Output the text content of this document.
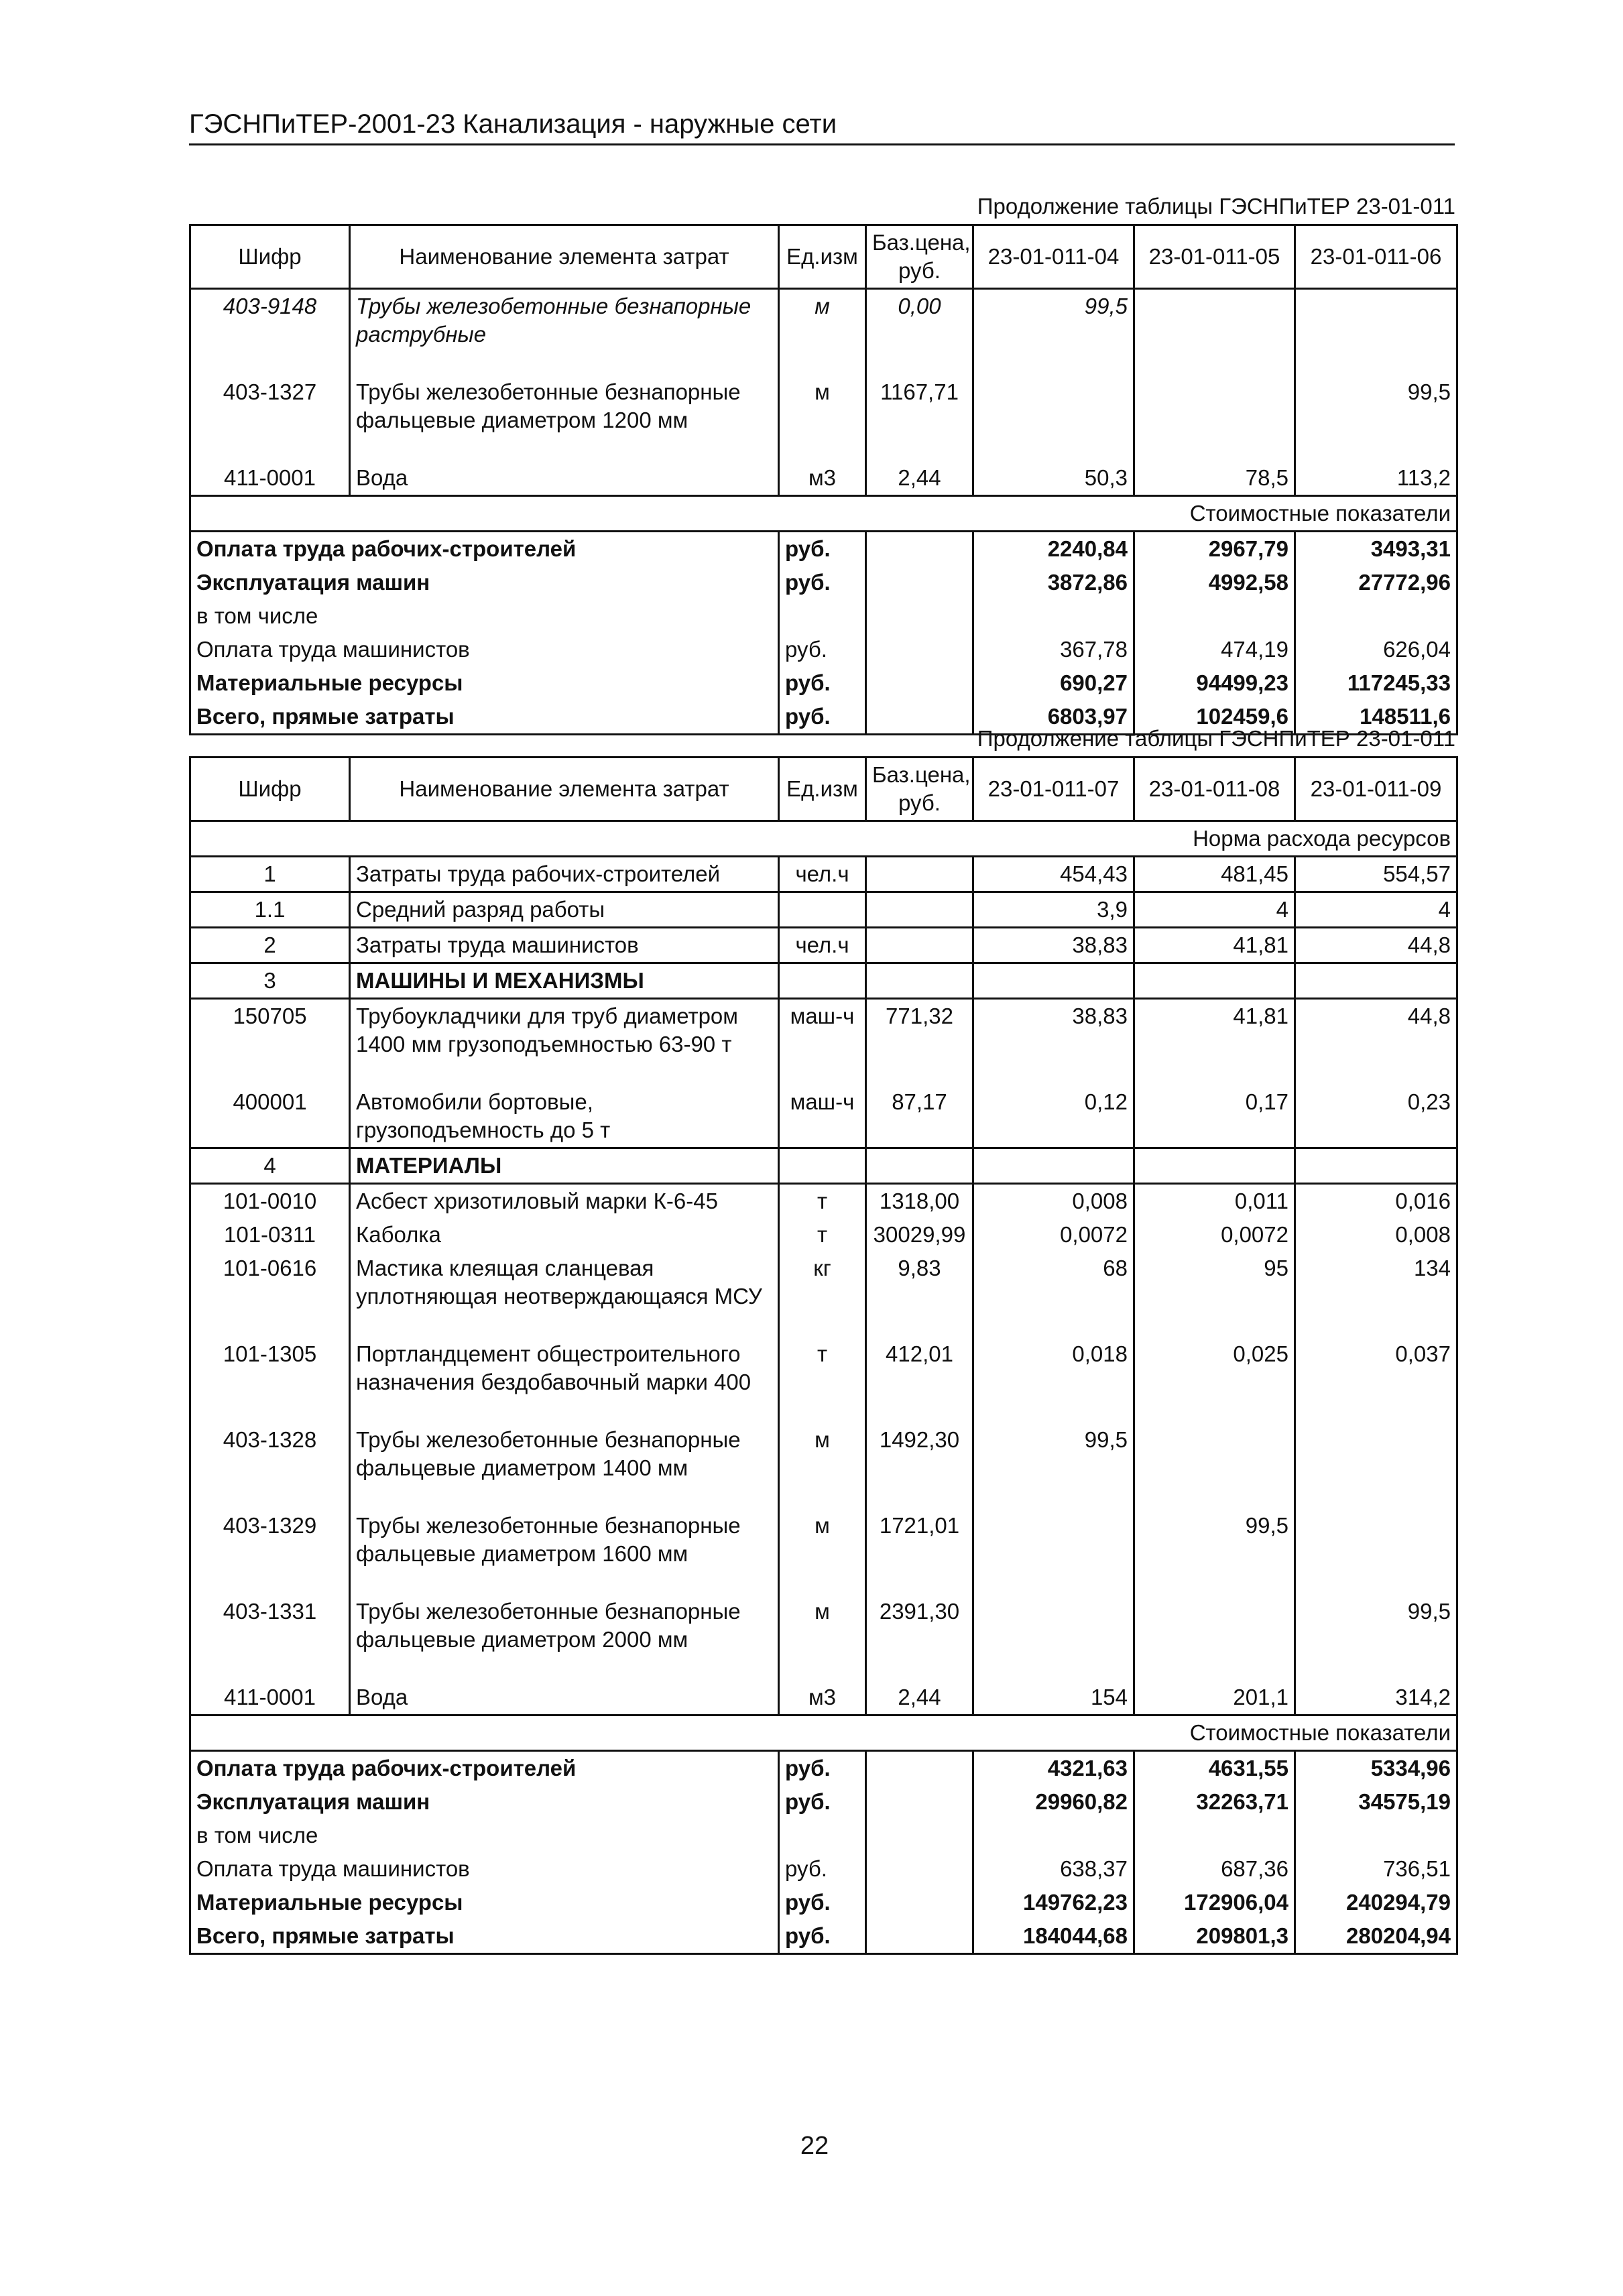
ГЭСНПиТЕР-2001-23 Канализация - наружные сети
Продолжение таблицы ГЭСНПиТЕР 23-01-011
Шифр	Наименование элемента затрат	Ед.изм	Баз.цена, руб.	23-01-011-04	23-01-011-05	23-01-011-06
403-9148	Трубы железобетонные безнапорные раструбные	м	0,00	99,5		
403-1327	Трубы железобетонные безнапорные фальцевые диаметром 1200 мм	м	1167,71			99,5
411-0001	Вода	м3	2,44	50,3	78,5	113,2
Стоимостные показатели						
Оплата труда рабочих-строителей		руб.		2240,84	2967,79	3493,31
Эксплуатация машин		руб.		3872,86	4992,58	27772,96
в том числе						
Оплата труда машинистов		руб.		367,78	474,19	626,04
Материальные ресурсы		руб.		690,27	94499,23	117245,33
Всего, прямые затраты		руб.		6803,97	102459,6	148511,6
Продолжение таблицы ГЭСНПиТЕР 23-01-011
Шифр	Наименование элемента затрат	Ед.изм	Баз.цена, руб.	23-01-011-07	23-01-011-08	23-01-011-09
Норма расхода ресурсов						
1	Затраты труда рабочих-строителей	чел.ч		454,43	481,45	554,57
1.1	Средний разряд работы			3,9	4	4
2	Затраты труда машинистов	чел.ч		38,83	41,81	44,8
3	МАШИНЫ И МЕХАНИЗМЫ					
150705	Трубоукладчики для труб диаметром 1400 мм грузоподъемностью 63-90 т	маш-ч	771,32	38,83	41,81	44,8
400001	Автомобили бортовые, грузоподъемность до 5 т	маш-ч	87,17	0,12	0,17	0,23
4	МАТЕРИАЛЫ					
101-0010	Асбест хризотиловый марки К-6-45	т	1318,00	0,008	0,011	0,016
101-0311	Каболка	т	30029,99	0,0072	0,0072	0,008
101-0616	Мастика клеящая сланцевая уплотняющая неотверждающаяся МСУ	кг	9,83	68	95	134
101-1305	Портландцемент общестроительного назначения бездобавочный марки 400	т	412,01	0,018	0,025	0,037
403-1328	Трубы железобетонные безнапорные фальцевые диаметром 1400 мм	м	1492,30	99,5		
403-1329	Трубы железобетонные безнапорные фальцевые диаметром 1600 мм	м	1721,01		99,5	
403-1331	Трубы железобетонные безнапорные фальцевые диаметром 2000 мм	м	2391,30			99,5
411-0001	Вода	м3	2,44	154	201,1	314,2
Стоимостные показатели						
Оплата труда рабочих-строителей		руб.		4321,63	4631,55	5334,96
Эксплуатация машин		руб.		29960,82	32263,71	34575,19
в том числе						
Оплата труда машинистов		руб.		638,37	687,36	736,51
Материальные ресурсы		руб.		149762,23	172906,04	240294,79
Всего, прямые затраты		руб.		184044,68	209801,3	280204,94
22
